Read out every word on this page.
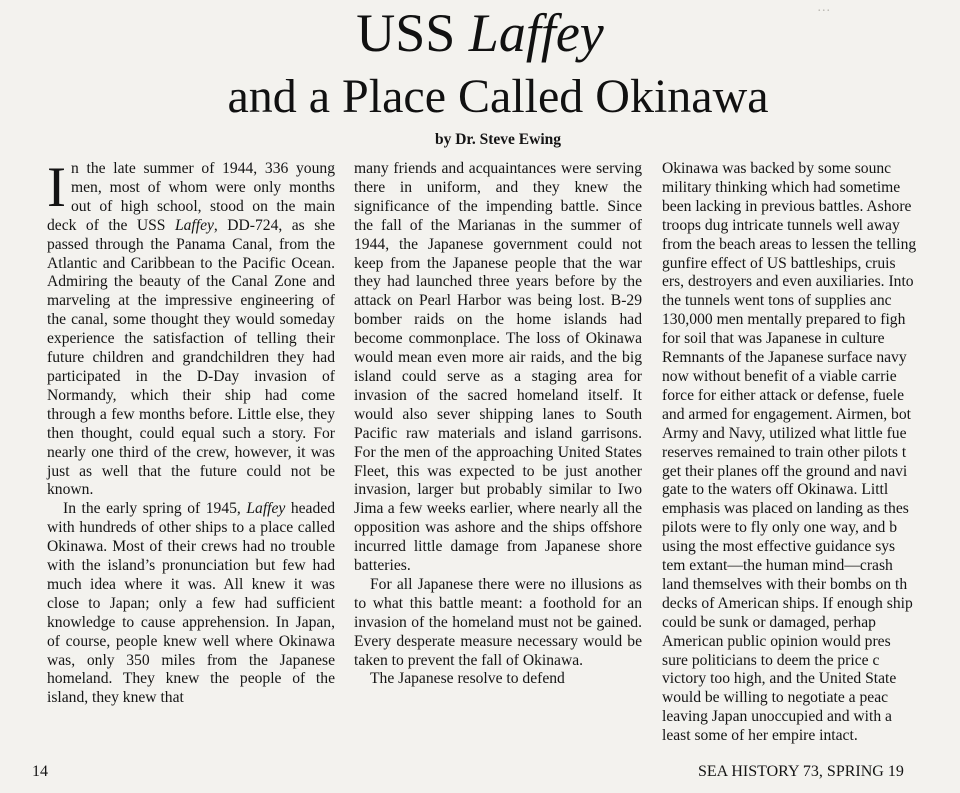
...
USS Laffey
and a Place Called Okinawa
by Dr. Steve Ewing

In the late summer of 1944, 336 young men, most of whom were only months out of high school, stood on the main deck of the USS Laffey, DD-724, as she passed through the Panama Canal, from the Atlantic and Caribbean to the Pacific Ocean. Admiring the beauty of the Canal Zone and marveling at the impressive engineering of the canal, some thought they would someday experience the satisfaction of telling their future children and grandchildren they had participated in the D-Day invasion of Normandy, which their ship had come through a few months before. Little else, they then thought, could equal such a story. For nearly one third of the crew, however, it was just as well that the future could not be known.

In the early spring of 1945, Laffey headed with hundreds of other ships to a place called Okinawa. Most of their crews had no trouble with the island’s pronunciation but few had much idea where it was. All knew it was close to Japan; only a few had sufficient knowledge to cause apprehension. In Japan, of course, people knew well where Okinawa was, only 350 miles from the Japanese homeland. They knew the people of the island, they knew that

many friends and acquaintances were serving there in uniform, and they knew the significance of the impending battle. Since the fall of the Marianas in the summer of 1944, the Japanese government could not keep from the Japanese people that the war they had launched three years before by the attack on Pearl Harbor was being lost. B-29 bomber raids on the home islands had become commonplace. The loss of Okinawa would mean even more air raids, and the big island could serve as a staging area for invasion of the sacred homeland itself. It would also sever shipping lanes to South Pacific raw materials and island garrisons. For the men of the approaching United States Fleet, this was expected to be just another invasion, larger but probably similar to Iwo Jima a few weeks earlier, where nearly all the opposition was ashore and the ships offshore incurred little damage from Japanese shore batteries.

For all Japanese there were no illusions as to what this battle meant: a foothold for an invasion of the homeland must not be gained. Every desperate measure necessary would be taken to prevent the fall of Okinawa.

The Japanese resolve to defend

Okinawa was backed by some sounc
military thinking which had sometime
been lacking in previous battles. Ashore
troops dug intricate tunnels well away
from the beach areas to lessen the telling
gunfire effect of US battleships, cruis
ers, destroyers and even auxiliaries. Into
the tunnels went tons of supplies anc
130,000 men mentally prepared to figh
for soil that was Japanese in culture
Remnants of the Japanese surface navy
now without benefit of a viable carrie
force for either attack or defense, fuele
and armed for engagement. Airmen, bot
Army and Navy, utilized what little fue
reserves remained to train other pilots t
get their planes off the ground and navi
gate to the waters off Okinawa. Littl
emphasis was placed on landing as thes
pilots were to fly only one way, and b
using the most effective guidance sys
tem extant—the human mind—crash
land themselves with their bombs on th
decks of American ships. If enough ship
could be sunk or damaged, perhap
American public opinion would pres
sure politicians to deem the price c
victory too high, and the United State
would be willing to negotiate a peac
leaving Japan unoccupied and with a
least some of her empire intact.
14	SEA HISTORY 73, SPRING 19
